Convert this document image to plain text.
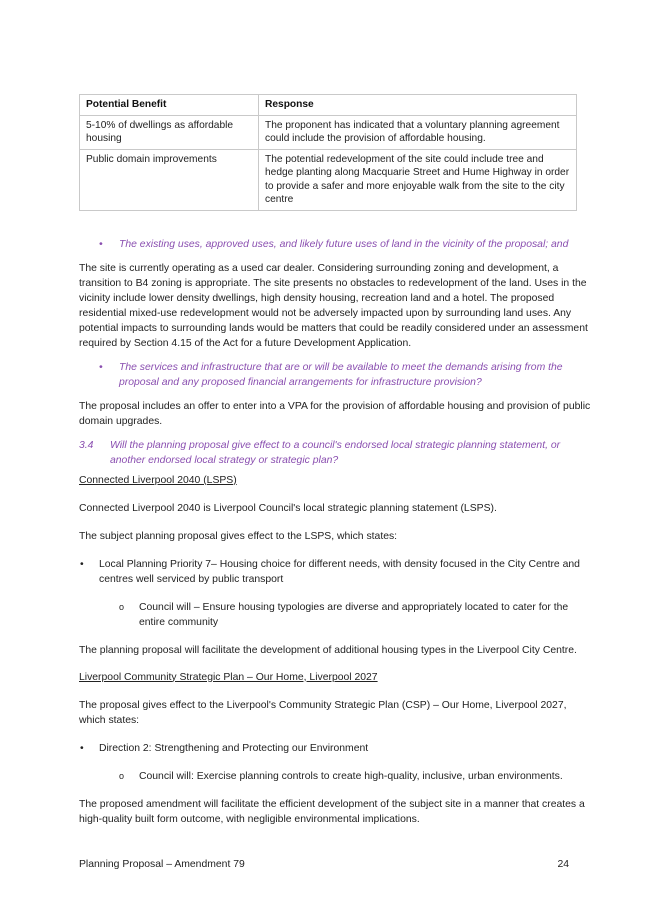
Potential Benefit	Response
5-10% of dwellings as affordable housing	The proponent has indicated that a voluntary planning agreement could include the provision of affordable housing.
Public domain improvements	The potential redevelopment of the site could include tree and hedge planting along Macquarie Street and Hume Highway in order to provide a safer and more enjoyable walk from the site to the city centre
• The existing uses, approved uses, and likely future uses of land in the vicinity of the proposal; and

The site is currently operating as a used car dealer. Considering surrounding zoning and development, a transition to B4 zoning is appropriate. The site presents no obstacles to redevelopment of the land. Uses in the vicinity include lower density dwellings, high density housing, recreation land and a hotel. The proposed residential mixed-use redevelopment would not be adversely impacted upon by surrounding land uses. Any potential impacts to surrounding lands would be matters that could be readily considered under an assessment required by Section 4.15 of the Act for a future Development Application.

• The services and infrastructure that are or will be available to meet the demands arising from the proposal and any proposed financial arrangements for infrastructure provision?

The proposal includes an offer to enter into a VPA for the provision of affordable housing and provision of public domain upgrades.

3.4 Will the planning proposal give effect to a council's endorsed local strategic planning statement, or another endorsed local strategy or strategic plan?

Connected Liverpool 2040 (LSPS)

Connected Liverpool 2040 is Liverpool Council's local strategic planning statement (LSPS).

The subject planning proposal gives effect to the LSPS, which states:

• Local Planning Priority 7– Housing choice for different needs, with density focused in the City Centre and centres well serviced by public transport
o Council will – Ensure housing typologies are diverse and appropriately located to cater for the entire community

The planning proposal will facilitate the development of additional housing types in the Liverpool City Centre.

Liverpool Community Strategic Plan – Our Home, Liverpool 2027

The proposal gives effect to the Liverpool's Community Strategic Plan (CSP) – Our Home, Liverpool 2027, which states:

• Direction 2: Strengthening and Protecting our Environment
o Council will: Exercise planning controls to create high-quality, inclusive, urban environments.

The proposed amendment will facilitate the efficient development of the subject site in a manner that creates a high-quality built form outcome, with negligible environmental implications.

Planning Proposal – Amendment 79	24
